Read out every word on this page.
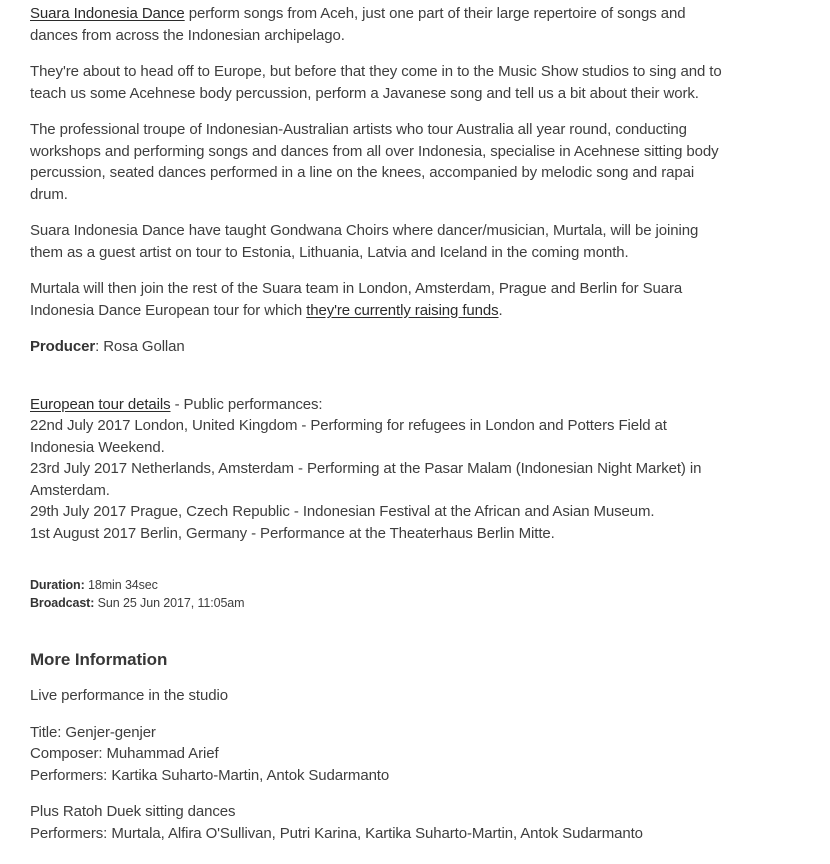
Suara Indonesia Dance perform songs from Aceh, just one part of their large repertoire of songs and dances from across the Indonesian archipelago.

They're about to head off to Europe, but before that they come in to the Music Show studios to sing and to teach us some Acehnese body percussion, perform a Javanese song and tell us a bit about their work.

The professional troupe of Indonesian-Australian artists who tour Australia all year round, conducting workshops and performing songs and dances from all over Indonesia, specialise in Acehnese sitting body percussion, seated dances performed in a line on the knees, accompanied by melodic song and rapai drum.

Suara Indonesia Dance have taught Gondwana Choirs where dancer/musician, Murtala, will be joining them as a guest artist on tour to Estonia, Lithuania, Latvia and Iceland in the coming month.

Murtala will then join the rest of the Suara team in London, Amsterdam, Prague and Berlin for Suara Indonesia Dance European tour for which they're currently raising funds.

Producer: Rosa Gollan

European tour details - Public performances:
22nd July 2017 London, United Kingdom - Performing for refugees in London and Potters Field at Indonesia Weekend.
23rd July 2017 Netherlands, Amsterdam - Performing at the Pasar Malam (Indonesian Night Market) in Amsterdam.
29th July 2017 Prague, Czech Republic - Indonesian Festival at the African and Asian Museum.
1st August 2017 Berlin, Germany - Performance at the Theaterhaus Berlin Mitte.

Duration: 18min 34sec
Broadcast: Sun 25 Jun 2017, 11:05am
More Information

Live performance in the studio

Title: Genjer-genjer
Composer: Muhammad Arief
Performers: Kartika Suharto-Martin, Antok Sudarmanto

Plus Ratoh Duek sitting dances
Performers: Murtala, Alfira O'Sullivan, Putri Karina, Kartika Suharto-Martin, Antok Sudarmanto
